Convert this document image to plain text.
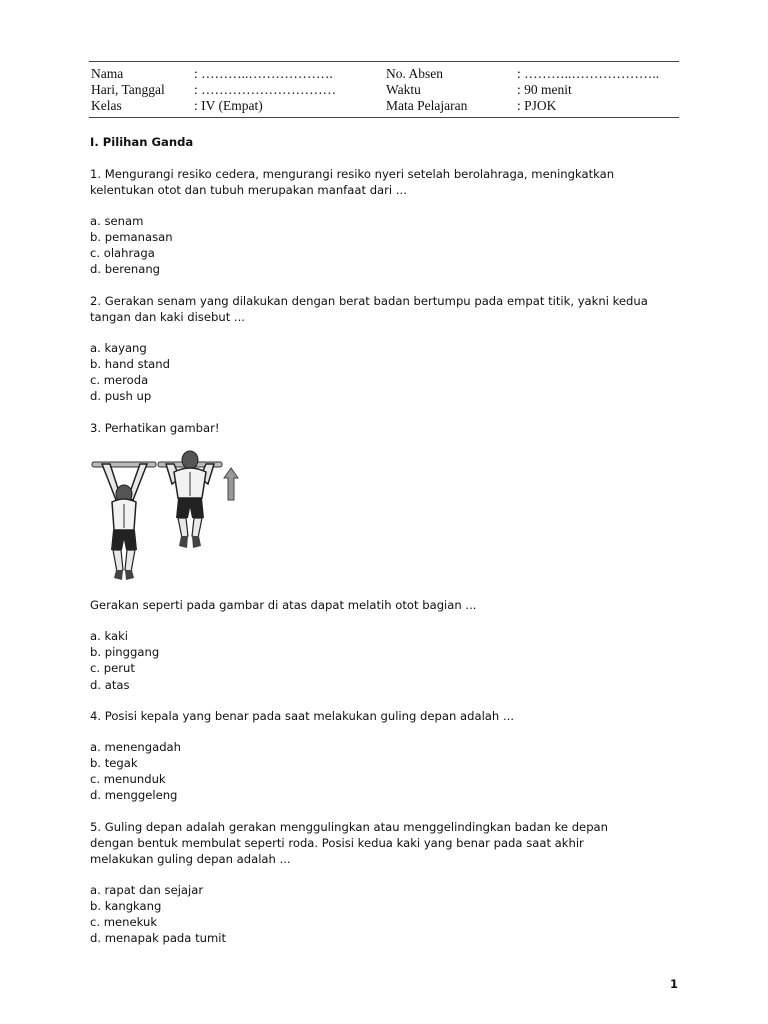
Nama	: ………..……………….	No. Absen	: ………..………………..
Hari, Tanggal : …………………………	Waktu	: 90 menit
Kelas	: IV (Empat)	Mata Pelajaran	: PJOK
I. Pilihan Ganda
1. Mengurangi resiko cedera, mengurangi resiko nyeri setelah berolahraga, meningkatkan
kelentukan otot dan tubuh merupakan manfaat dari ...
a. senam
b. pemanasan
c. olahraga
d. berenang
2. Gerakan senam yang dilakukan dengan berat badan bertumpu pada empat titik, yakni kedua
tangan dan kaki disebut ...
a. kayang
b. hand stand
c. meroda
d. push up
3. Perhatikan gambar!
Gerakan seperti pada gambar di atas dapat melatih otot bagian ...
a. kaki
b. pinggang
c. perut
d. atas
4. Posisi kepala yang benar pada saat melakukan guling depan adalah ...
a. menengadah
b. tegak
c. menunduk
d. menggeleng
5. Guling depan adalah gerakan menggulingkan atau menggelindingkan badan ke depan
dengan bentuk membulat seperti roda. Posisi kedua kaki yang benar pada saat akhir
melakukan guling depan adalah ...
a. rapat dan sejajar
b. kangkang
c. menekuk
d. menapak pada tumit
1
